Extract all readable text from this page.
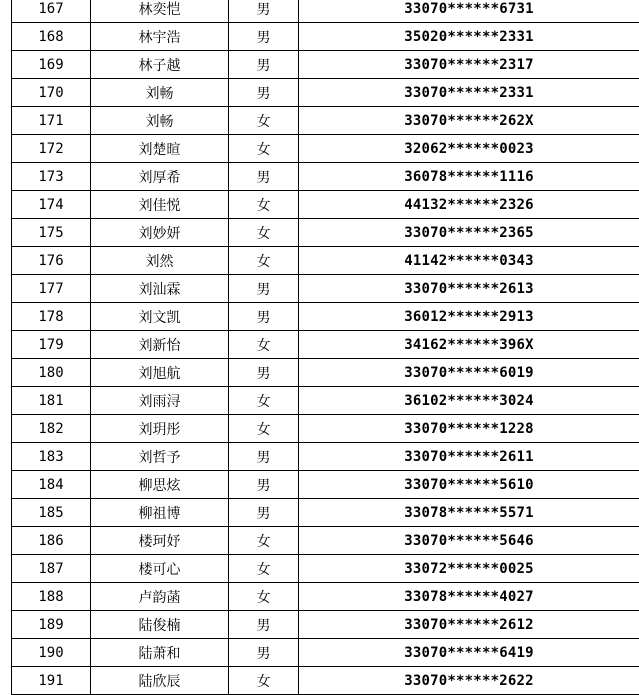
167	林奕恺	男	33070******6731
168	林宇浩	男	35020******2331
169	林子越	男	33070******2317
170	刘畅	男	33070******2331
171	刘畅	女	33070******262X
172	刘楚暄	女	32062******0023
173	刘厚希	男	36078******1116
174	刘佳悦	女	44132******2326
175	刘妙妍	女	33070******2365
176	刘然	女	41142******0343
177	刘汕霖	男	33070******2613
178	刘文凯	男	36012******2913
179	刘新怡	女	34162******396X
180	刘旭航	男	33070******6019
181	刘雨浔	女	36102******3024
182	刘玥彤	女	33070******1228
183	刘哲予	男	33070******2611
184	柳思炫	男	33070******5610
185	柳祖博	男	33078******5571
186	楼珂妤	女	33070******5646
187	楼可心	女	33072******0025
188	卢韵菡	女	33078******4027
189	陆俊楠	男	33070******2612
190	陆萧和	男	33070******6419
191	陆欣辰	女	33070******2622
